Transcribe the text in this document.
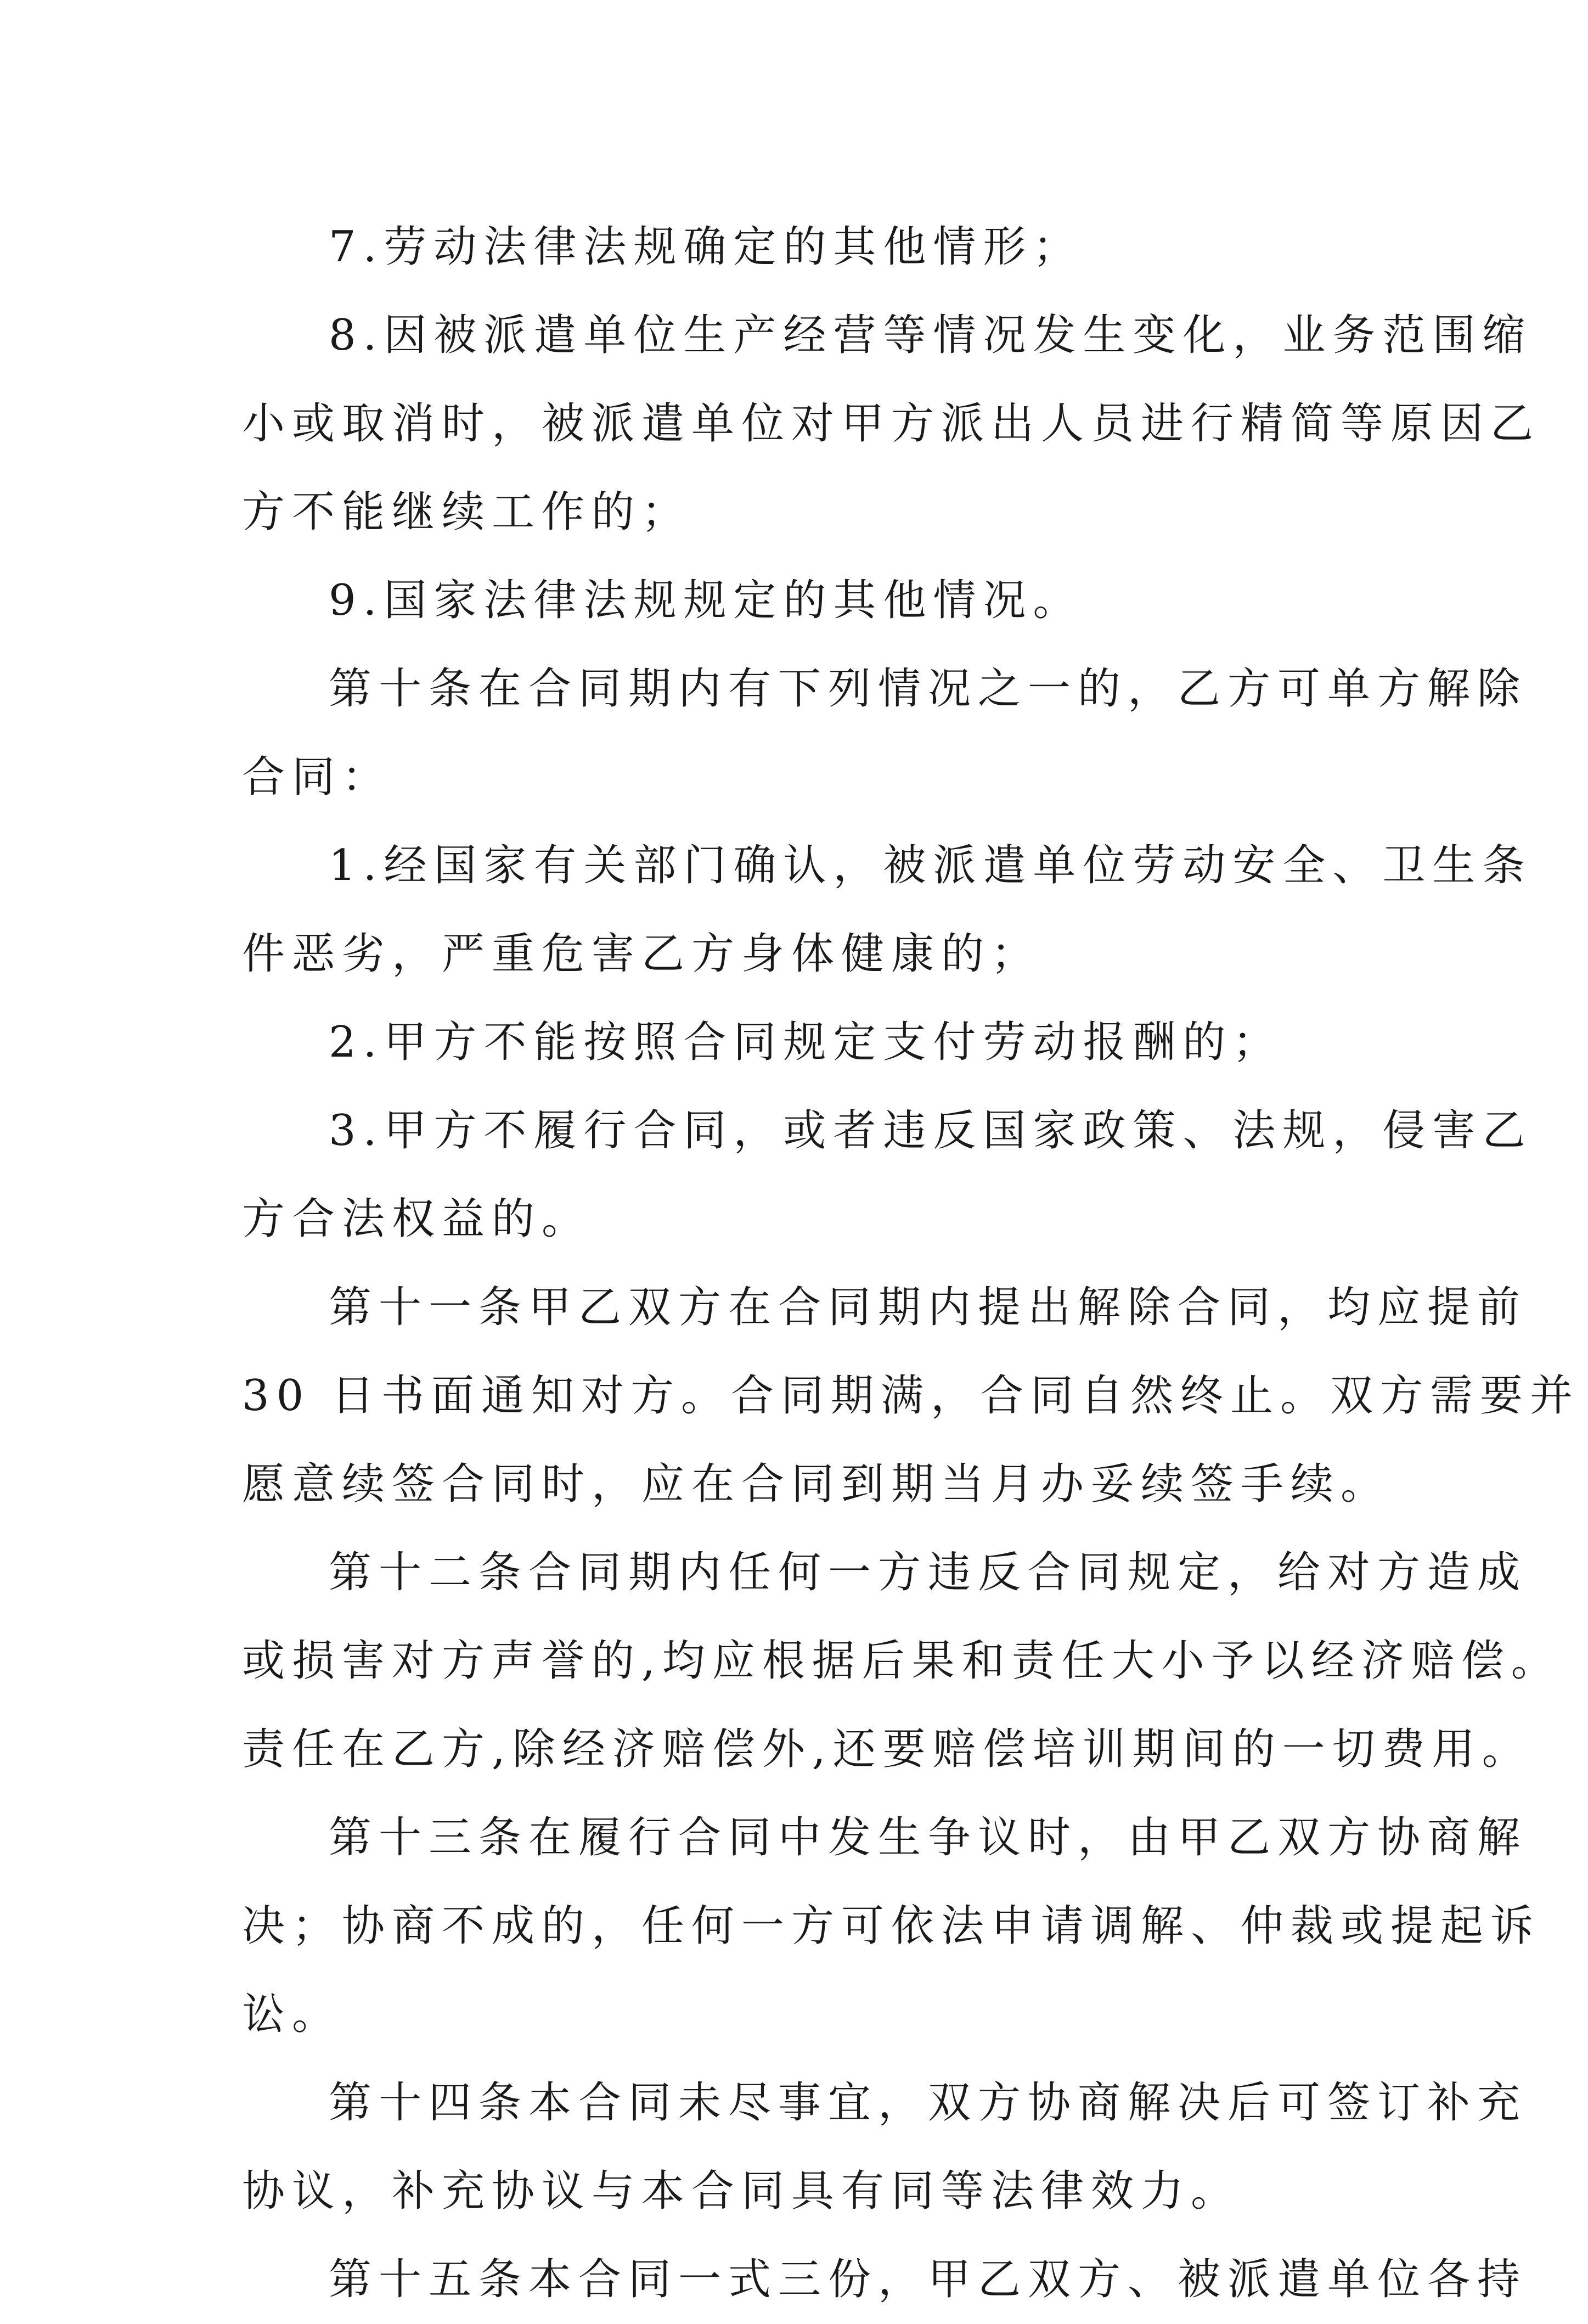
7.劳动法律法规确定的其他情形；
8.因被派遣单位生产经营等情况发生变化，业务范围缩
小或取消时，被派遣单位对甲方派出人员进行精简等原因乙
方不能继续工作的；
9.国家法律法规规定的其他情况。
第十条在合同期内有下列情况之一的，乙方可单方解除
合同：
1.经国家有关部门确认，被派遣单位劳动安全、卫生条
件恶劣，严重危害乙方身体健康的；
2.甲方不能按照合同规定支付劳动报酬的；
3.甲方不履行合同，或者违反国家政策、法规，侵害乙
方合法权益的。
第十一条甲乙双方在合同期内提出解除合同，均应提前
30 日书面通知对方。合同期满，合同自然终止。双方需要并
愿意续签合同时，应在合同到期当月办妥续签手续。
第十二条合同期内任何一方违反合同规定，给对方造成
或损害对方声誉的,均应根据后果和责任大小予以经济赔偿。
责任在乙方,除经济赔偿外,还要赔偿培训期间的一切费用。
第十三条在履行合同中发生争议时，由甲乙双方协商解
决；协商不成的，任何一方可依法申请调解、仲裁或提起诉
讼。
第十四条本合同未尽事宜，双方协商解决后可签订补充
协议，补充协议与本合同具有同等法律效力。
第十五条本合同一式三份，甲乙双方、被派遣单位各持
